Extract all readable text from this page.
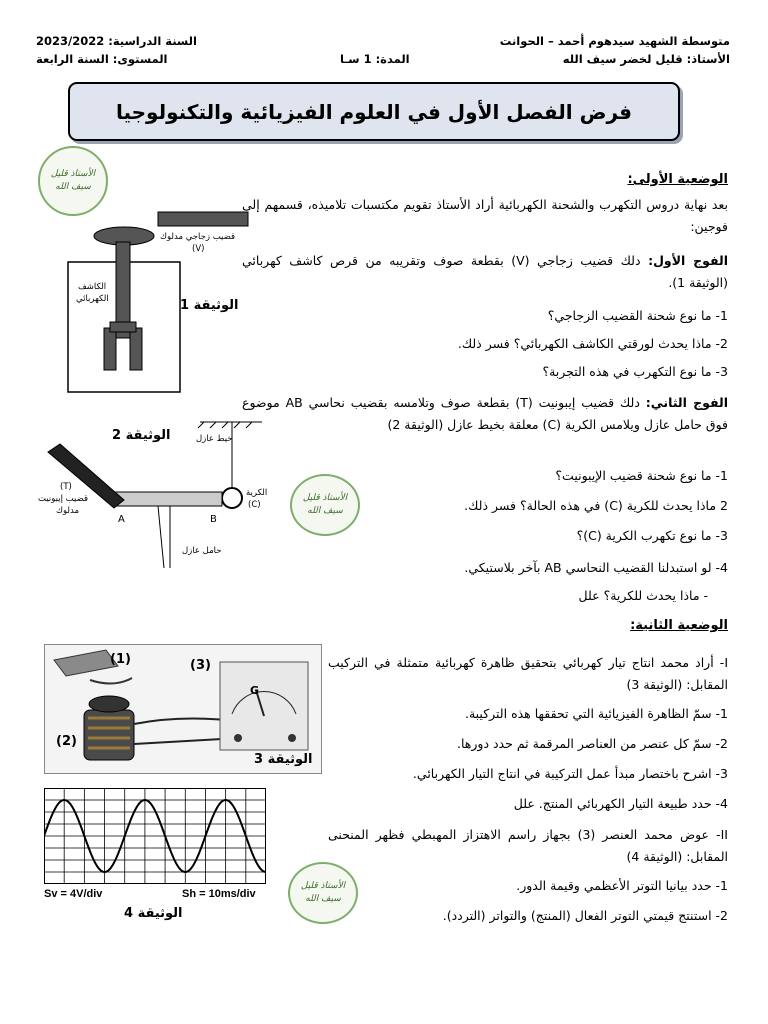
متوسطة الشهيد سيدهوم أحمد – الحوانت
الأستاذ: قليل لخضر سيف الله
السنة الدراسية: 2023/2022
المستوى: السنة الرابعة	المدة: 1 سـا
فرض الفصل الأول في العلوم الفيزيائية والتكنولوجيا
الأستاذ قليل سيف الله
الأستاذ قليل سيف الله
الأستاذ قليل سيف الله
الوضعية الأولى:
بعد نهاية دروس التكهرب والشحنة الكهربائية أراد الأستاذ تقويم مكتسبات تلاميذه، قسمهم إلى فوجين:
الفوج الأول: دلك قضيب زجاجي (V) بقطعة صوف وتقريبه من قرص كاشف كهربائي (الوثيقة 1).
1- ما نوع شحنة القضيب الزجاجي؟
2- ماذا يحدث لورقتي الكاشف الكهربائي؟ فسر ذلك.
3- ما نوع التكهرب في هذه التجربة؟
الفوج الثاني: دلك قضيب إيبونيت (T) بقطعة صوف وتلامسه بقضيب نحاسي AB موضوع فوق حامل عازل ويلامس الكرية (C) معلقة بخيط عازل (الوثيقة 2)
1- ما نوع شحنة قضيب الإيبونيت؟
2 ماذا يحدث للكرية (C) في هذه الحالة؟ فسر ذلك.
3- ما نوع تكهرب الكرية (C)؟
4- لو استبدلنا القضيب النحاسي AB بآخر بلاستيكي.
- ماذا يحدث للكرية؟ علل
قضيب زجاجي مدلوك
(V)
الكاشف
الكهربائي	الوثيقة 1
الوثيقة 2	خيط عازل
الكرية
(C)
(T)
قضيب إيبونيت
مدلوك
A	B
حامل عازل
الوضعية الثانية:
I- أراد محمد انتاج تيار كهربائي بتحقيق ظاهرة كهربائية متمثلة في التركيب المقابل: (الوثيقة 3)
1- سمّ الظاهرة الفيزيائية التي تحققها هذه التركيبة.
2- سمّ كل عنصر من العناصر المرقمة ثم حدد دورها.
3- اشرح باختصار مبدأ عمل التركيبة في انتاج التيار الكهربائي.
4- حدد طبيعة التيار الكهربائي المنتج. علل
II- عوض محمد العنصر (3) بجهاز راسم الاهتزاز المهبطي فظهر المنحنى المقابل: (الوثيقة 4)
1- حدد بيانيا التوتر الأعظمي وقيمة الدور.
2- استنتج قيمتي التوتر الفعال (المنتج) والتواتر (التردد).
(1)
(2)
(3)
G
الوثيقة 3
Sv = 4V/div	Sh = 10ms/div
الوثيقة 4
